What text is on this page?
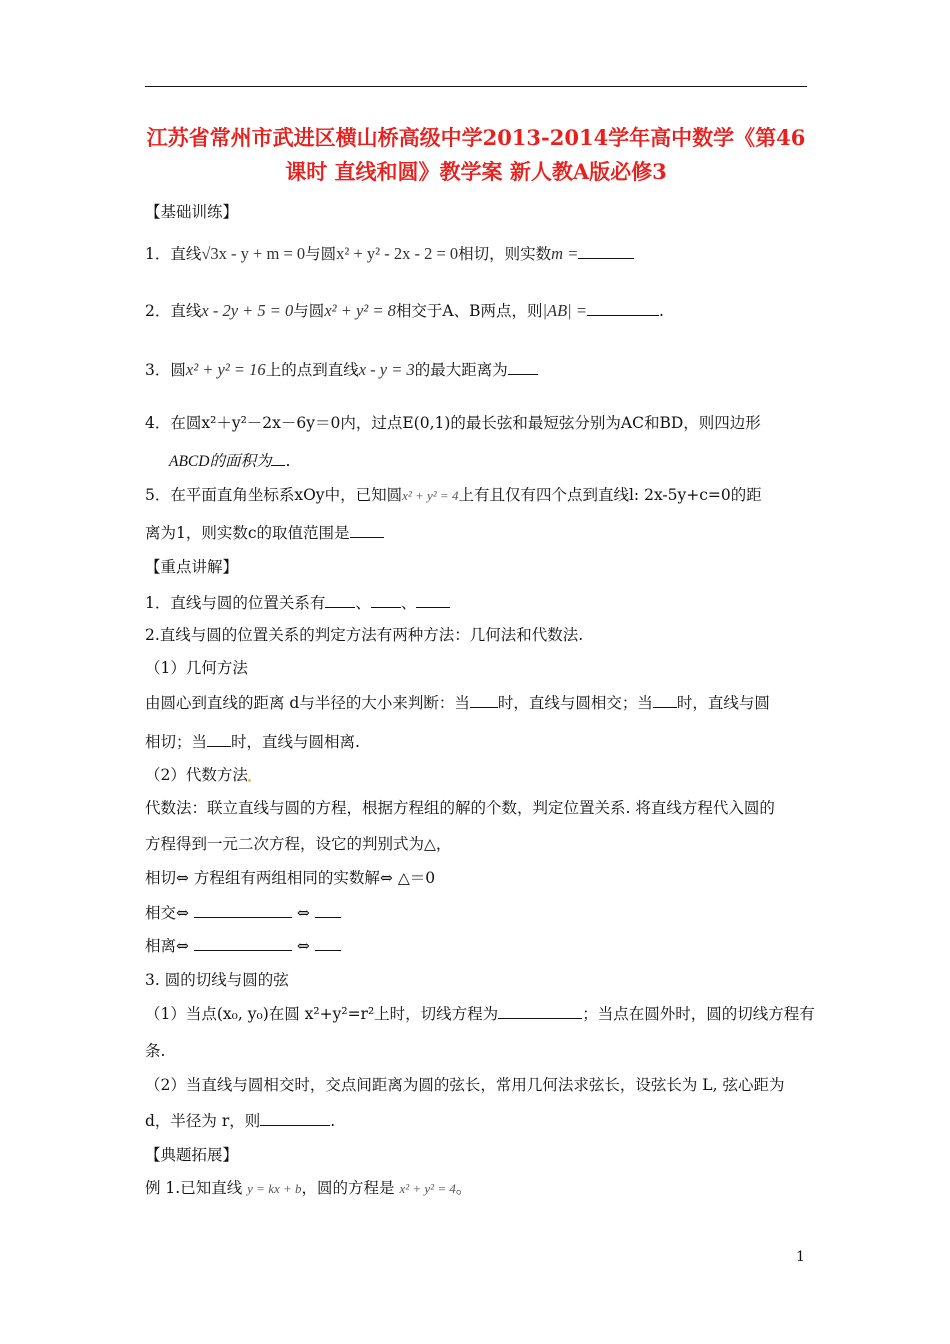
江苏省常州市武进区横山桥高级中学2013-2014学年高中数学《第46课时 直线和圆》教学案 新人教A版必修3
【基础训练】
1．直线√3x - y + m = 0与圆x² + y² - 2x - 2 = 0相切，则实数m =
2．直线x - 2y + 5 = 0与圆x² + y² = 8相交于A、B两点，则|AB| =	.
3．圆x² + y² = 16上的点到直线x - y = 3的最大距离为
4．在圆x²＋y²－2x－6y＝0内，过点E(0,1)的最长弦和最短弦分别为AC和BD，则四边形
ABCD的面积为 .
5．在平面直角坐标系xOy中，已知圆x² + y² = 4上有且仅有四个点到直线l: 2x-5y+c=0的距
离为1，则实数c的取值范围是
【重点讲解】
1．直线与圆的位置关系有 、 、
2.直线与圆的位置关系的判定方法有两种方法：几何法和代数法.
（1）几何方法
由圆心到直线的距离 d与半径的大小来判断：当 时，直线与圆相交；当 时，直线与圆
相切；当 时，直线与圆相离.
（2）代数方法
代数法：联立直线与圆的方程，根据方程组的解的个数，判定位置关系. 将直线方程代入圆的
方程得到一元二次方程，设它的判别式为△，
相切⇔ 方程组有两组相同的实数解⇔ △＝0
相交⇔	⇔
相离⇔	⇔
3. 圆的切线与圆的弦
（1）当点(x₀, y₀)在圆 x²+y²=r²上时，切线方程为	；当点在圆外时，圆的切线方程有
条.
（2）当直线与圆相交时，交点间距离为圆的弦长，常用几何法求弦长，设弦长为 L, 弦心距为
d，半径为 r，则	.
【典题拓展】
例 1.已知直线 y = kx + b，圆的方程是 x² + y² = 4。
1
